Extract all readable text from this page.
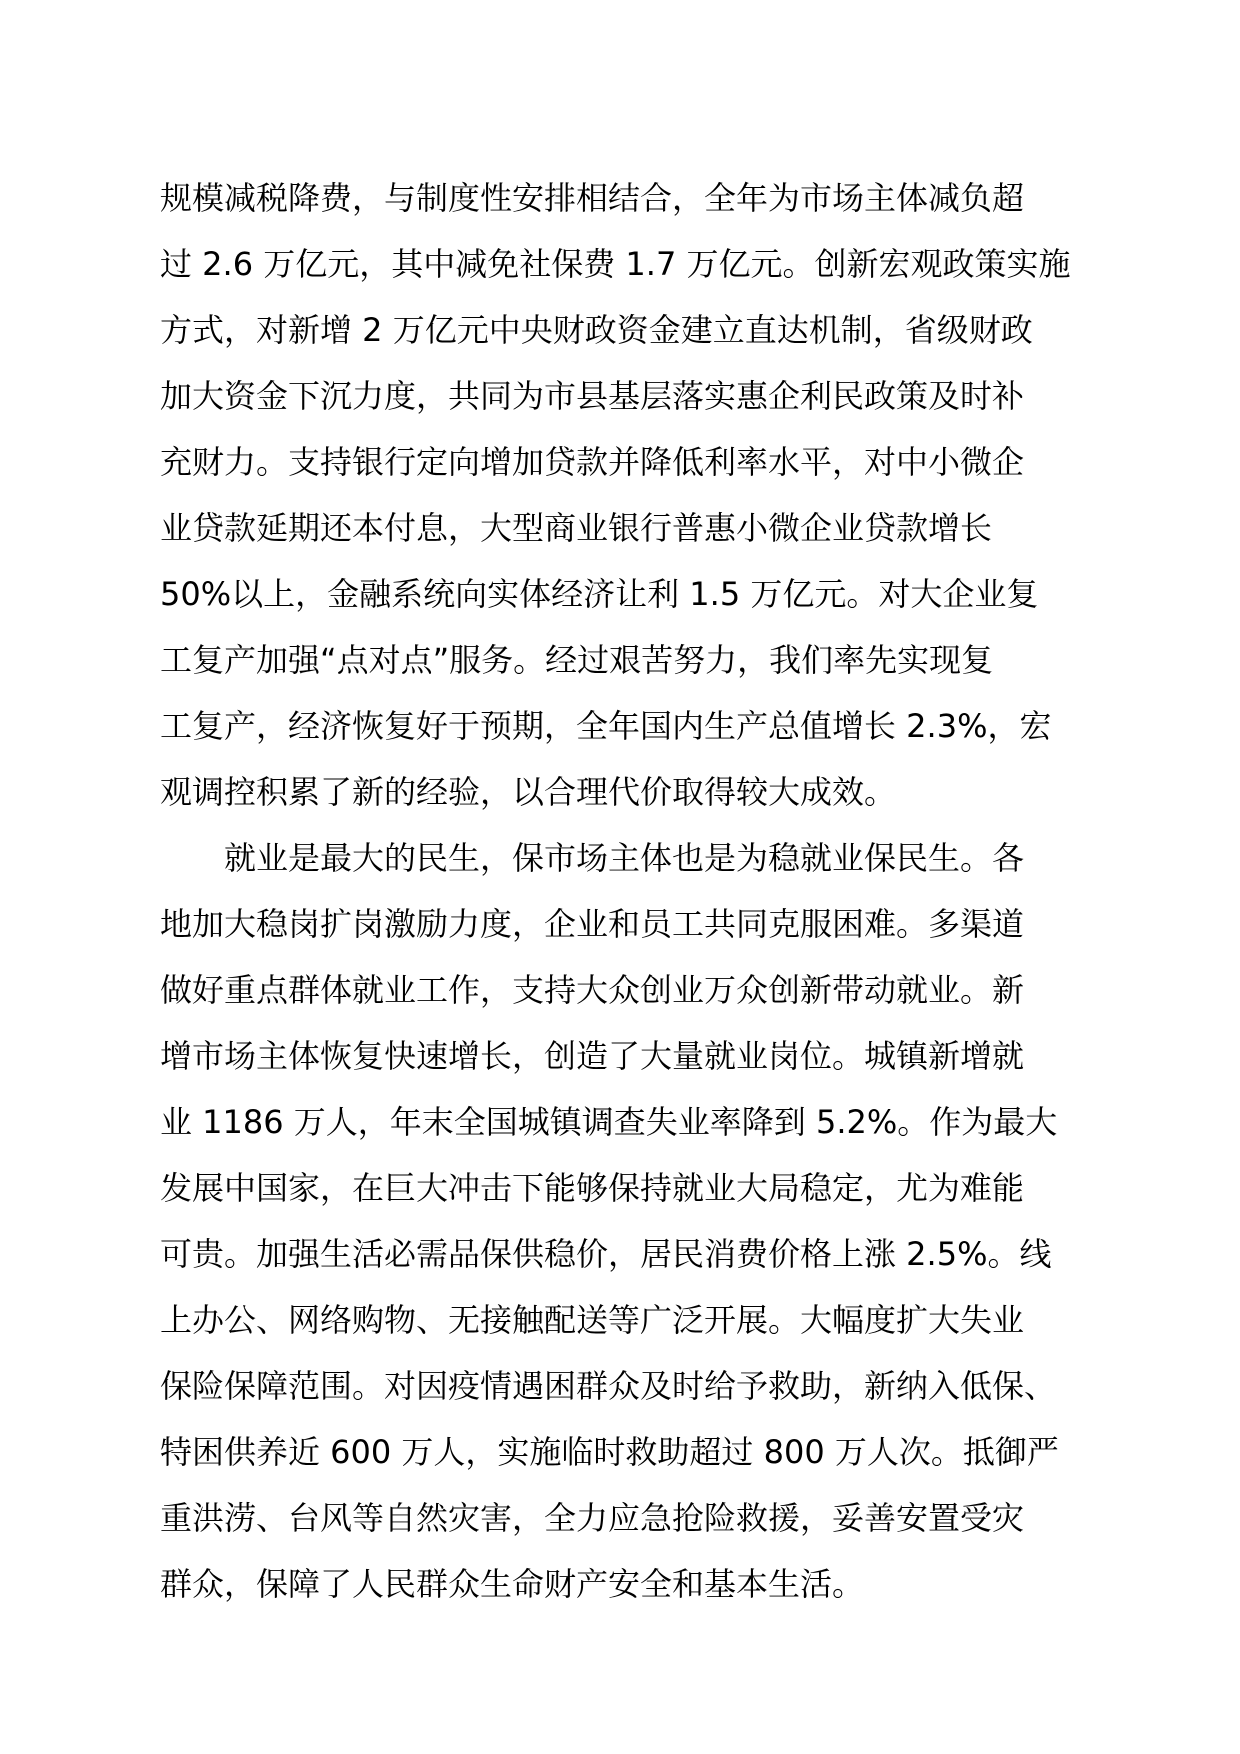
规模减税降费，与制度性安排相结合，全年为市场主体减负超
过 2.6 万亿元，其中减免社保费 1.7 万亿元。创新宏观政策实施
方式，对新增 2 万亿元中央财政资金建立直达机制，省级财政
加大资金下沉力度，共同为市县基层落实惠企利民政策及时补
充财力。支持银行定向增加贷款并降低利率水平，对中小微企
业贷款延期还本付息，大型商业银行普惠小微企业贷款增长
50%以上，金融系统向实体经济让利 1.5 万亿元。对大企业复
工复产加强“点对点”服务。经过艰苦努力，我们率先实现复
工复产，经济恢复好于预期，全年国内生产总值增长 2.3%，宏
观调控积累了新的经验，以合理代价取得较大成效。
就业是最大的民生，保市场主体也是为稳就业保民生。各
地加大稳岗扩岗激励力度，企业和员工共同克服困难。多渠道
做好重点群体就业工作，支持大众创业万众创新带动就业。新
增市场主体恢复快速增长，创造了大量就业岗位。城镇新增就
业 1186 万人，年末全国城镇调查失业率降到 5.2%。作为最大
发展中国家，在巨大冲击下能够保持就业大局稳定，尤为难能
可贵。加强生活必需品保供稳价，居民消费价格上涨 2.5%。线
上办公、网络购物、无接触配送等广泛开展。大幅度扩大失业
保险保障范围。对因疫情遇困群众及时给予救助，新纳入低保、
特困供养近 600 万人，实施临时救助超过 800 万人次。抵御严
重洪涝、台风等自然灾害，全力应急抢险救援，妥善安置受灾
群众，保障了人民群众生命财产安全和基本生活。
